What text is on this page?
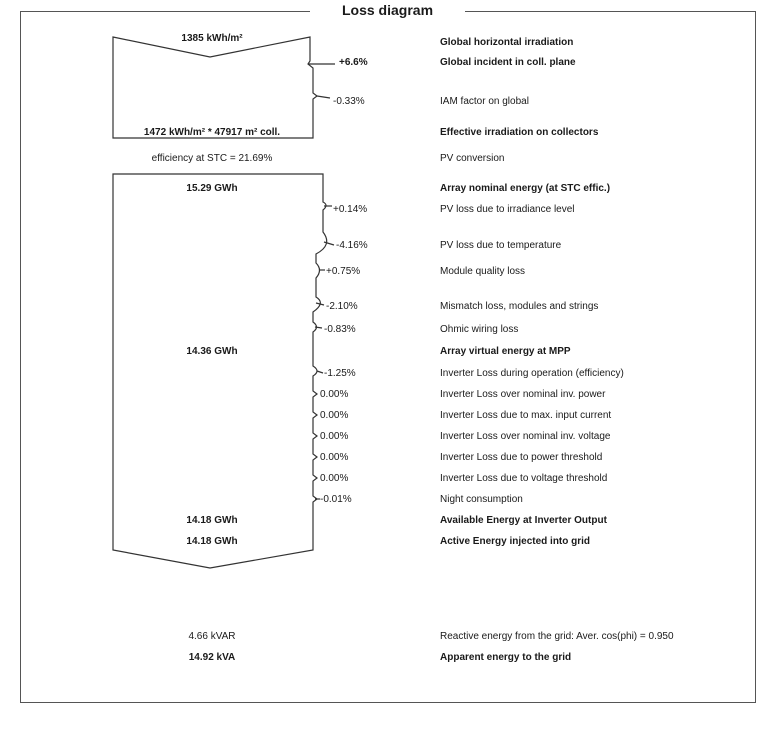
Loss diagram
1385 kWh/m²
+6.6%
-0.33%
1472 kWh/m² * 47917 m² coll.
efficiency at STC = 21.69%
15.29 GWh
+0.14%
-4.16%
+0.75%
-2.10%
-0.83%
14.36 GWh
-1.25%
0.00%
0.00%
0.00%
0.00%
0.00%
-0.01%
14.18 GWh
14.18 GWh
4.66 kVAR
14.92 kVA
Global horizontal irradiation
Global incident in coll. plane
IAM factor on global
Effective irradiation on collectors
PV conversion
Array nominal energy (at STC effic.)
PV loss due to irradiance level
PV loss due to temperature
Module quality loss
Mismatch loss, modules and strings
Ohmic wiring loss
Array virtual energy at MPP
Inverter Loss during operation (efficiency)
Inverter Loss over nominal inv. power
Inverter Loss due to max. input current
Inverter Loss over nominal inv. voltage
Inverter Loss due to power threshold
Inverter Loss due to voltage threshold
Night consumption
Available Energy at Inverter Output
Active Energy injected into grid
Reactive energy from the grid: Aver. cos(phi) = 0.950
Apparent energy to the grid
